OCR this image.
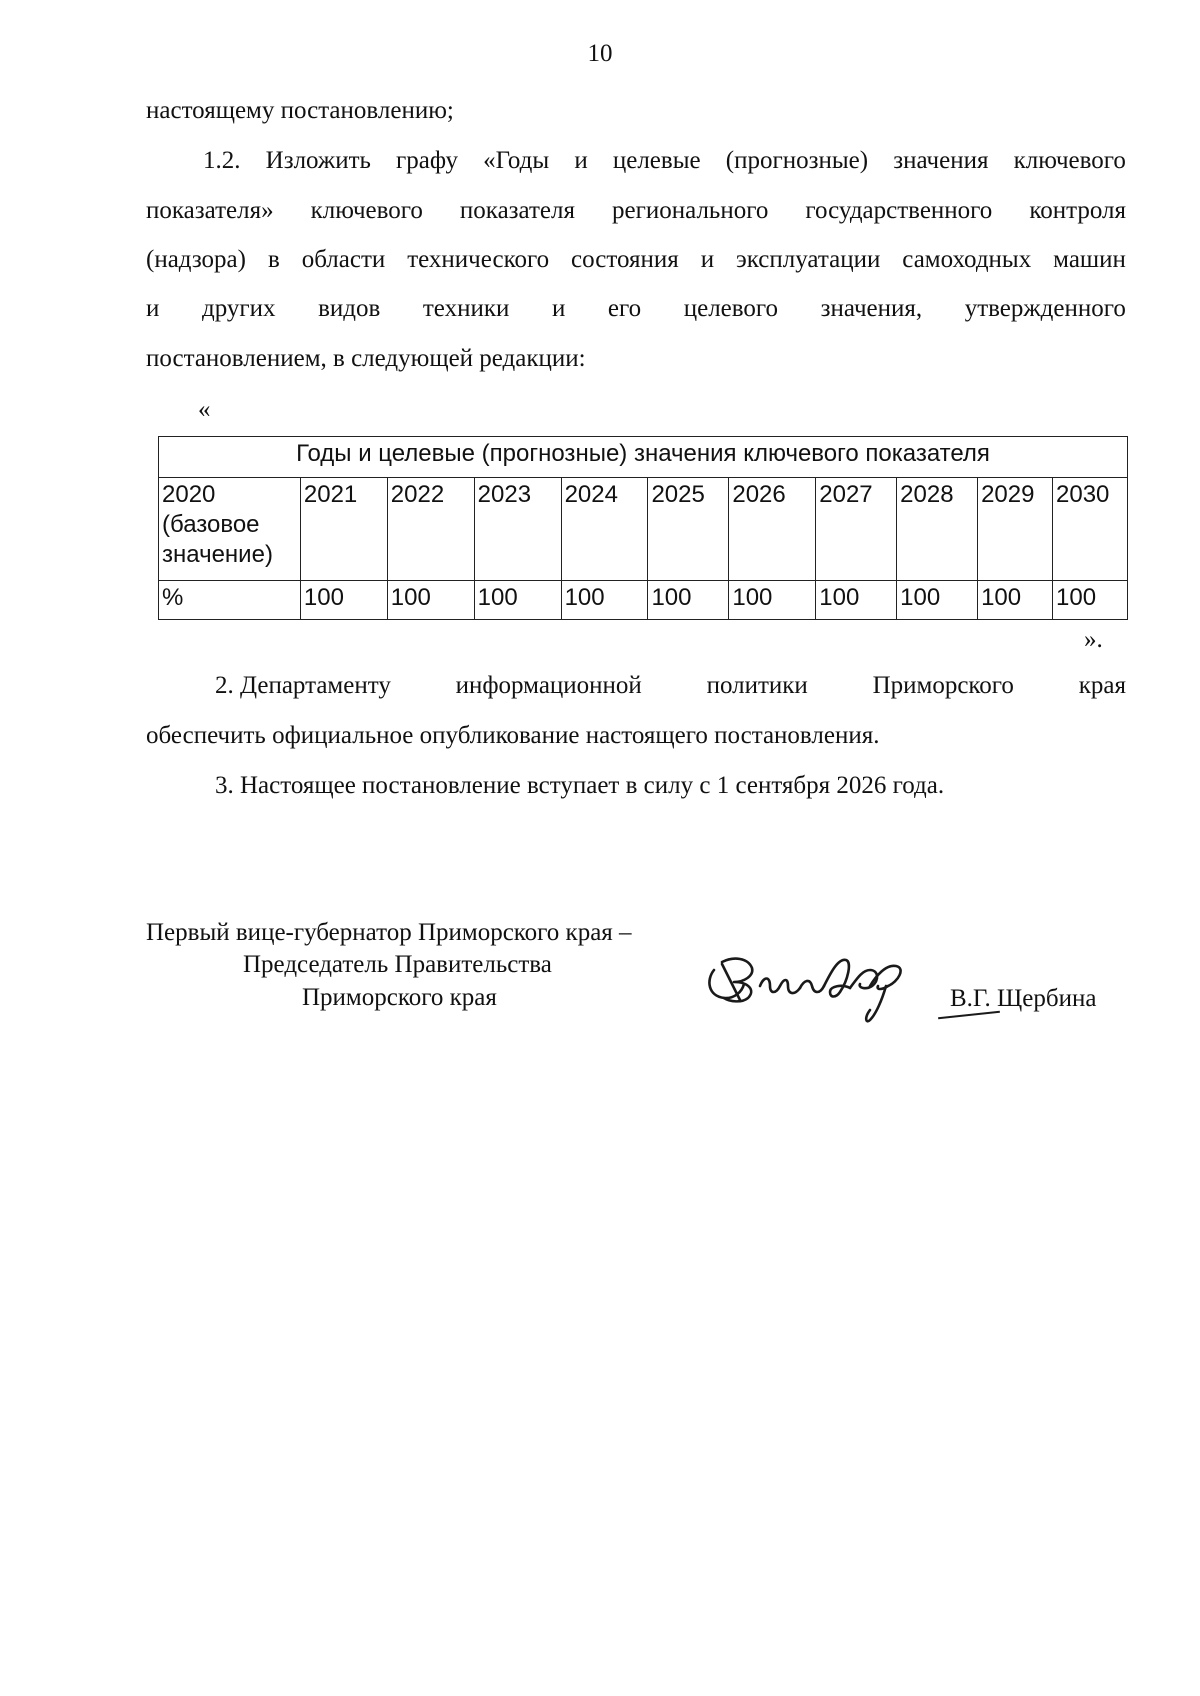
10
настоящему постановлению;
1.2. Изложить графу «Годы и целевые (прогнозные) значения ключевого
показателя» ключевого показателя регионального государственного контроля
(надзора) в области технического состояния и эксплуатации самоходных машин
и других видов техники и его целевого значения, утвержденного
постановлением, в следующей редакции:
«
Годы и целевые (прогнозные) значения ключевого показателя										

2020
(базовое
значение)	2021	2022	2023	2024	2025	2026	2027	2028	2029	2030
%	100	100	100	100	100	100	100	100	100	100
».
2. Департаменту	информационной	политики	Приморского	края
обеспечить официальное опубликование настоящего постановления.
3. Настоящее постановление вступает в силу с 1 сентября 2026 года.
Первый вице-губернатор Приморского края –
Председатель Правительства
Приморского края	В.Г. Щербина
